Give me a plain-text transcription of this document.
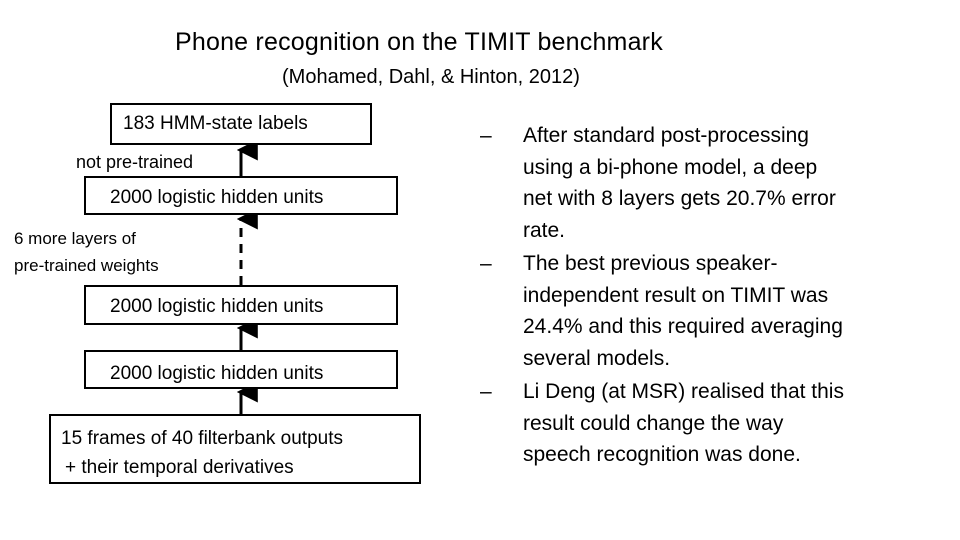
Phone recognition on the TIMIT benchmark
(Mohamed, Dahl, & Hinton, 2012)
183 HMM-state labels
not pre-trained
2000 logistic hidden units
6 more layers of
pre-trained weights
2000 logistic hidden units
2000 logistic hidden units
15 frames of 40 filterbank outputs
+ their temporal derivatives
– After standard post-processing
using a bi-phone model, a deep
net with 8 layers gets 20.7% error
rate.
– The best previous speaker-
independent result on TIMIT was
24.4% and this required averaging
several models.
– Li Deng (at MSR) realised that this
result could change the way
speech recognition was done.
